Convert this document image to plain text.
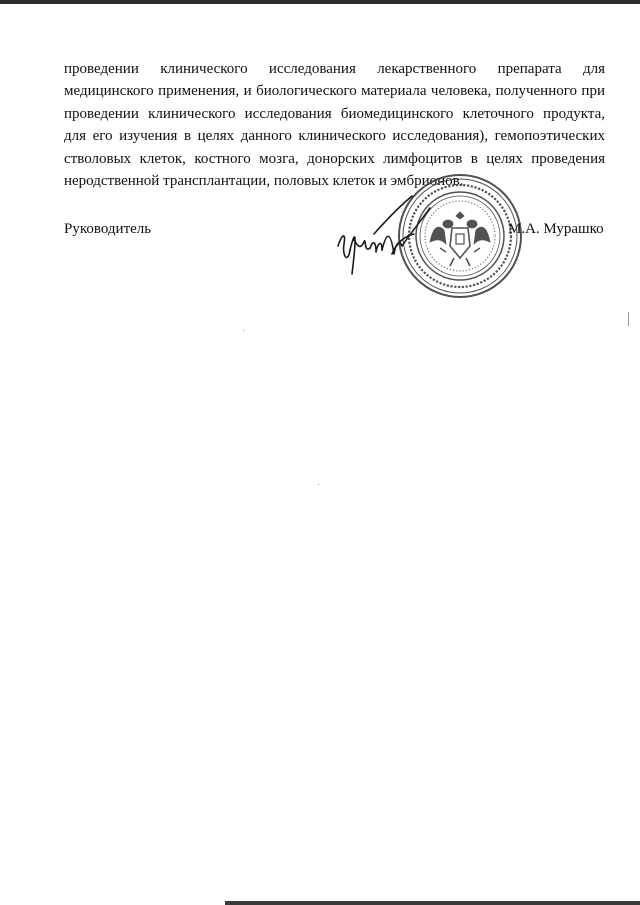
проведении клинического исследования лекарственного препарата для
медицинского применения, и биологического материала человека, полученного при
проведении клинического исследования биомедицинского клеточного продукта,
для его изучения в целях данного клинического исследования), гемопоэтических
стволовых клеток, костного мозга, донорских лимфоцитов в целях проведения
неродственной трансплантации, половых клеток и эмбрионов.
Руководитель	М.А. Мурашко
